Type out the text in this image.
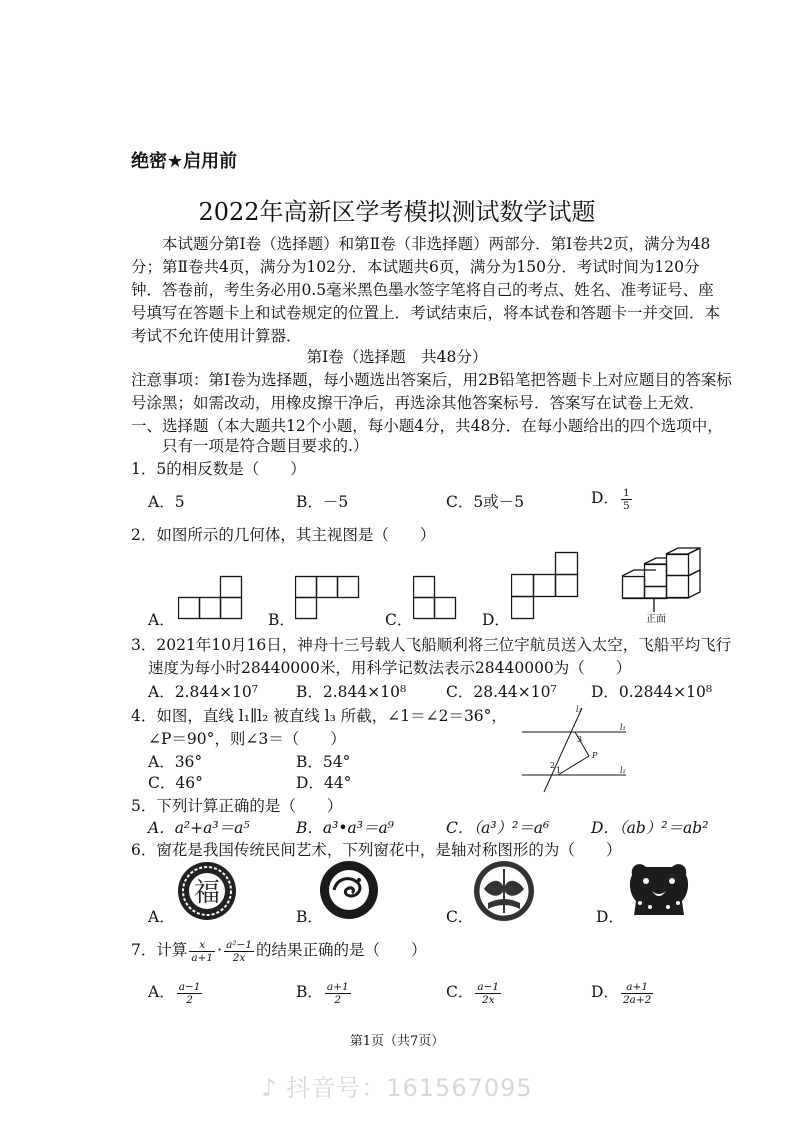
绝密★启用前
2022年高新区学考模拟测试数学试题
本试题分第Ⅰ卷（选择题）和第Ⅱ卷（非选择题）两部分．第Ⅰ卷共2页，满分为48分；第Ⅱ卷共4页，满分为102分．本试题共6页，满分为150分．考试时间为120分钟．答卷前，考生务必用0.5毫米黑色墨水签字笔将自己的考点、姓名、准考证号、座号填写在答题卡上和试卷规定的位置上．考试结束后，将本试卷和答题卡一并交回．本考试不允许使用计算器．
第Ⅰ卷（选择题　共48分）
注意事项：第Ⅰ卷为选择题，每小题选出答案后，用2B铅笔把答题卡上对应题目的答案标
号涂黑；如需改动，用橡皮擦干净后，再选涂其他答案标号．答案写在试卷上无效．
一、选择题（本大题共12个小题，每小题4分，共48分．在每小题给出的四个选项中，
只有一项是符合题目要求的.）
1．5的相反数是（　　）
A．5	B．－5	C．5或－5	D． $\frac{1}{5}$
2．如图所示的几何体，其主视图是（　　）
A．	B．	C．	D．	正面
3．2021年10月16日，神舟十三号载人飞船顺利将三位宇航员送入太空，飞船平均飞行
速度为每小时28440000米，用科学记数法表示28440000为（　　）
A．2.844×10⁷ B．2.844×10⁸	C．28.44×10⁷ D．0.2844×10⁸
4．如图，直线 l₁∥l₂ 被直线 l₃ 所截，∠1＝∠2＝36°，
∠P＝90°，则∠3＝（　　）
A．36°	B．54°
C．46°	D．44°
l₃
l₁
l₂
3
P
2
1
5．下列计算正确的是（　　）
A．a²+a³＝a⁵	B．a³•a³＝a⁹	C．（a³）²＝a⁶	D．（ab）²＝ab²
6．窗花是我国传统民间艺术，下列窗花中，是轴对称图形的为（　　）
A．
福
B．	C．	D．
7．计算 $\frac{x}{a+1} \cdot \frac{\text{a²−1}}{2x}$ 的结果正确的是（　　）
A． $\frac{a-1}{2}$	B． $\frac{a+1}{2}$	C． $\frac{a-1}{2x}$	D． $\frac{a+1}{2a+2}$
第1页（共7页）
♪ 抖音号：161567095
